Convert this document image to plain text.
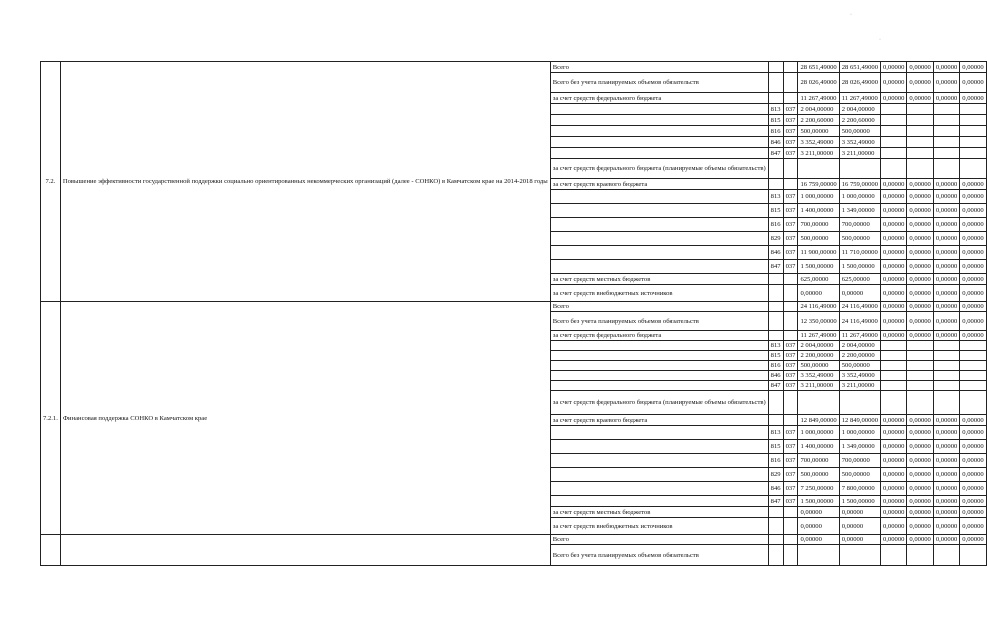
·
·
7.2.	Повышение эффективности государственной поддержки социально ориентированных некоммерческих организаций (далее - СОНКО) в Камчатском крае на 2014-2018 годы	Всего			28 651,49000	28 651,49000	0,00000	0,00000	0,00000	0,00000
		Всего без учета планируемых объемов обязательств			28 026,49000	28 026,49000	0,00000	0,00000	0,00000	0,00000
		за счет средств федерального бюджета			11 267,49000	11 267,49000	0,00000	0,00000	0,00000	0,00000
			813	037	2 004,00000	2 004,00000				
			815	037	2 200,60000	2 200,60000				
			816	037	500,00000	500,00000				
			846	037	3 352,49000	3 352,49000				
			847	037	3 211,00000	3 211,00000				
		за счет средств федерального бюджета (планируемые объемы обязательств)								
		за счет средств краевого бюджета			16 759,00000	16 759,00000	0,00000	0,00000	0,00000	0,00000
			813	037	1 000,00000	1 000,00000	0,00000	0,00000	0,00000	0,00000
			815	037	1 400,00000	1 349,00000	0,00000	0,00000	0,00000	0,00000
			816	037	700,00000	700,00000	0,00000	0,00000	0,00000	0,00000
			829	037	500,00000	500,00000	0,00000	0,00000	0,00000	0,00000
			846	037	11 900,00000	11 710,00000	0,00000	0,00000	0,00000	0,00000
			847	037	1 500,00000	1 500,00000	0,00000	0,00000	0,00000	0,00000
		за счет средств местных бюджетов			625,00000	625,00000	0,00000	0,00000	0,00000	0,00000
		за счет средств внебюджетных источников			0,00000	0,00000	0,00000	0,00000	0,00000	0,00000
7.2.1.	Финансовая поддержка СОНКО в Камчатском крае	Всего			24 116,49000	24 116,49000	0,00000	0,00000	0,00000	0,00000
		Всего без учета планируемых объемов обязательств			12 350,00000	24 116,49000	0,00000	0,00000	0,00000	0,00000
		за счет средств федерального бюджета			11 267,49000	11 267,49000	0,00000	0,00000	0,00000	0,00000
			813	037	2 004,00000	2 004,00000				
			815	037	2 200,00000	2 200,00000				
			816	037	500,00000	500,00000				
			846	037	3 352,49000	3 352,49000				
			847	037	3 211,00000	3 211,00000				
		за счет средств федерального бюджета (планируемые объемы обязательств)								
		за счет средств краевого бюджета			12 849,00000	12 849,00000	0,00000	0,00000	0,00000	0,00000
			813	037	1 000,00000	1 000,00000	0,00000	0,00000	0,00000	0,00000
			815	037	1 400,00000	1 349,00000	0,00000	0,00000	0,00000	0,00000
			816	037	700,00000	700,00000	0,00000	0,00000	0,00000	0,00000
			829	037	500,00000	500,00000	0,00000	0,00000	0,00000	0,00000
			846	037	7 250,00000	7 800,00000	0,00000	0,00000	0,00000	0,00000
			847	037	1 500,00000	1 500,00000	0,00000	0,00000	0,00000	0,00000
		за счет средств местных бюджетов			0,00000	0,00000	0,00000	0,00000	0,00000	0,00000
		за счет средств внебюджетных источников			0,00000	0,00000	0,00000	0,00000	0,00000	0,00000
		Всего			0,00000	0,00000	0,00000	0,00000	0,00000	0,00000
		Всего без учета планируемых объемов обязательств								
